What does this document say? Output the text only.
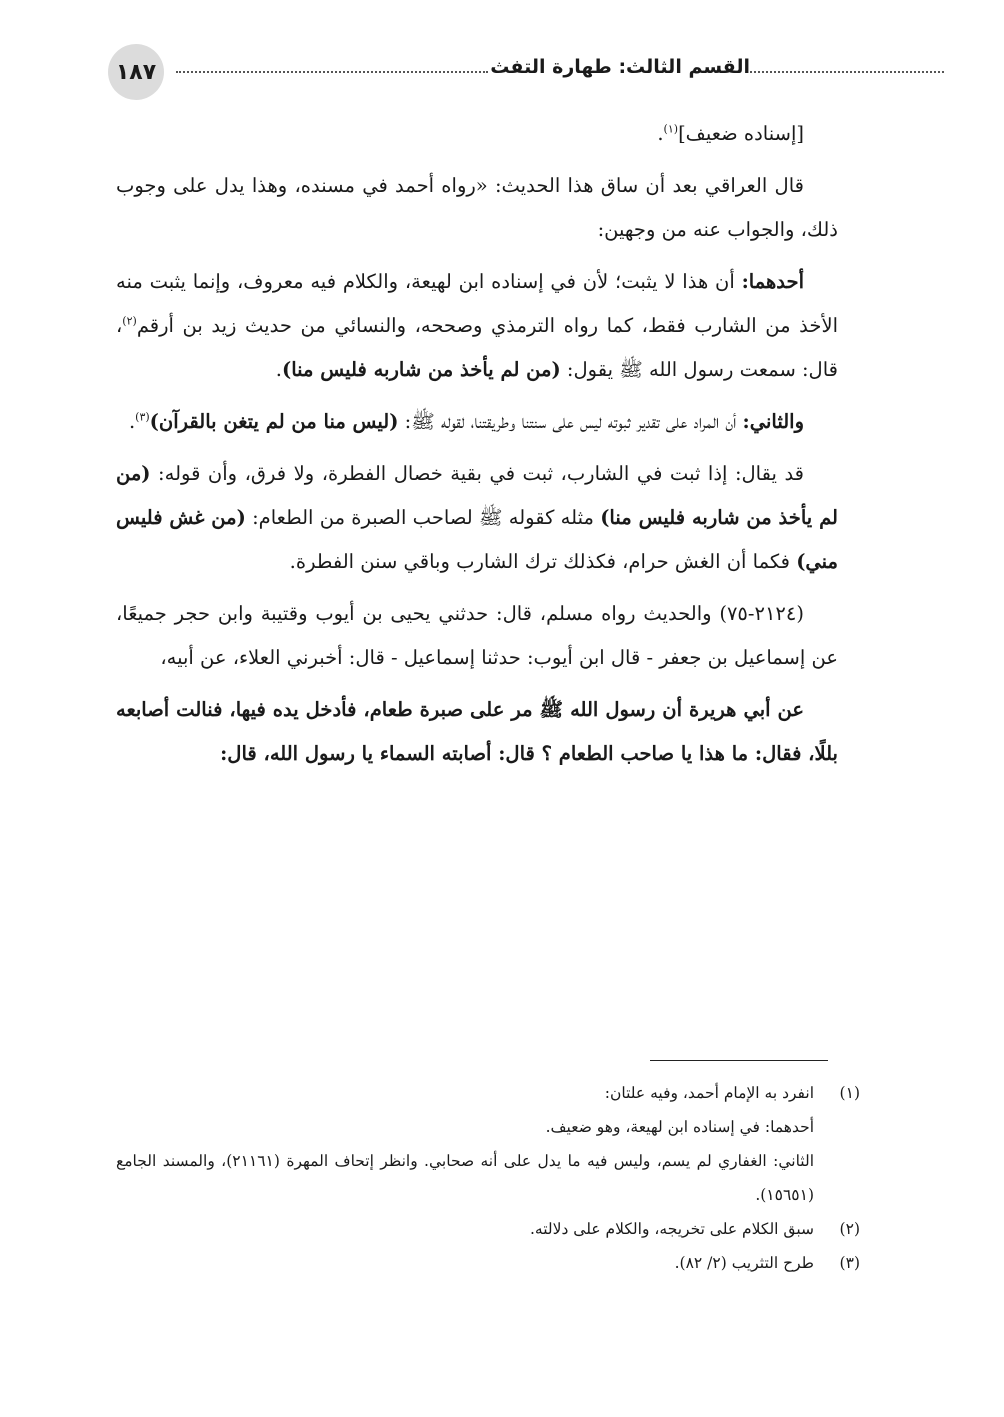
١٨٧	القسم الثالث: طهارة التفث

[إسناده ضعيف]$^{(١)}$.

قال العراقي بعد أن ساق هذا الحديث: «رواه أحمد في مسنده، وهذا يدل على وجوب ذلك، والجواب عنه من وجهين:

أحدهما: أن هذا لا يثبت؛ لأن في إسناده ابن لهيعة، والكلام فيه معروف، وإنما يثبت منه الأخذ من الشارب فقط، كما رواه الترمذي وصححه، والنسائي من حديث زيد بن أرقم$^{(٢)}$، قال: سمعت رسول الله ﷺ يقول: (من لم يأخذ من شاربه فليس منا).

والثاني: أن المراد على تقدير ثبوته ليس على سنتنا وطريقتنا، لقوله ﷺ: (ليس منا من لم يتغن بالقرآن)$^{(٣)}$.

قد يقال: إذا ثبت في الشارب، ثبت في بقية خصال الفطرة، ولا فرق، وأن قوله: (من لم يأخذ من شاربه فليس منا) مثله كقوله ﷺ لصاحب الصبرة من الطعام: (من غش فليس مني) فكما أن الغش حرام، فكذلك ترك الشارب وباقي سنن الفطرة.

(٢١٢٤-٧٥) والحديث رواه مسلم، قال: حدثني يحيى بن أيوب وقتيبة وابن حجر جميعًا، عن إسماعيل بن جعفر - قال ابن أيوب: حدثنا إسماعيل - قال: أخبرني العلاء، عن أبيه،

عن أبي هريرة أن رسول الله ﷺ مر على صبرة طعام، فأدخل يده فيها، فنالت أصابعه بللًا، فقال: ما هذا يا صاحب الطعام ؟ قال: أصابته السماء يا رسول الله، قال:

(١)
انفرد به الإمام أحمد، وفيه علتان:
أحدهما: في إسناده ابن لهيعة، وهو ضعيف.
الثاني: الغفاري لم يسم، وليس فيه ما يدل على أنه صحابي. وانظر إتحاف المهرة (٢١١٦١)، والمسند الجامع (١٥٦٥١).
(٢)
سبق الكلام على تخريجه، والكلام على دلالته.
(٣)
طرح التثريب (٢/ ٨٢).
